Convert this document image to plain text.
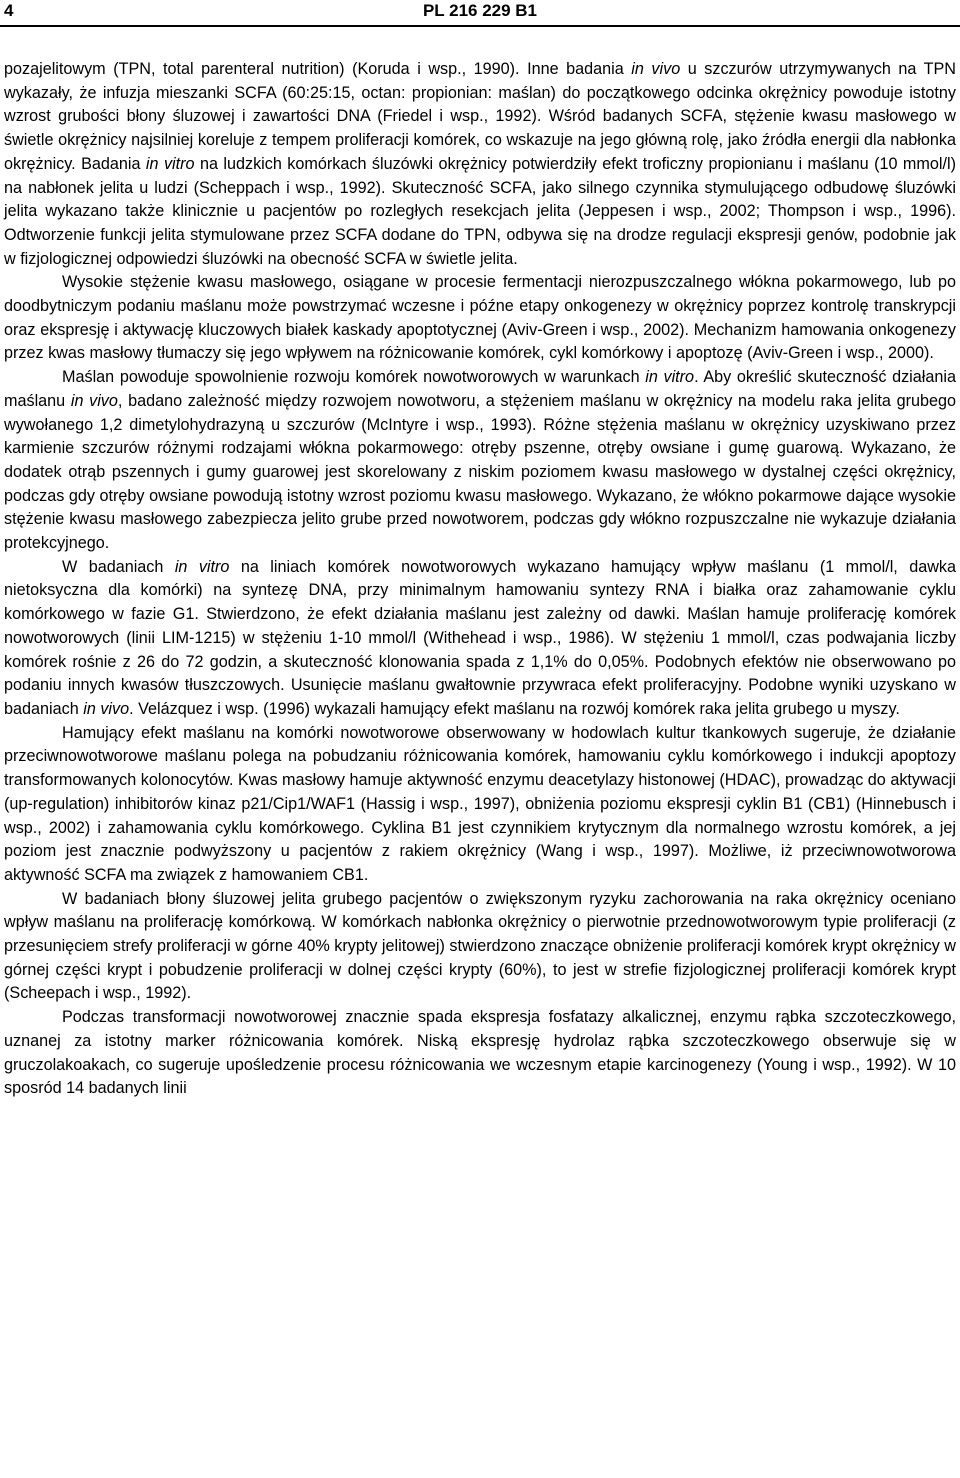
4	PL 216 229 B1

pozajelitowym (TPN, total parenteral nutrition) (Koruda i wsp., 1990). Inne badania in vivo u szczurów utrzymywanych na TPN wykazały, że infuzja mieszanki SCFA (60:25:15, octan: propionian: maślan) do początkowego odcinka okrężnicy powoduje istotny wzrost grubości błony śluzowej i zawartości DNA (Friedel i wsp., 1992). Wśród badanych SCFA, stężenie kwasu masłowego w świetle okrężnicy najsilniej koreluje z tempem proliferacji komórek, co wskazuje na jego główną rolę, jako źródła energii dla nabłonka okrężnicy. Badania in vitro na ludzkich komórkach śluzówki okrężnicy potwierdziły efekt troficzny propionianu i maślanu (10 mmol/l) na nabłonek jelita u ludzi (Scheppach i wsp., 1992). Skuteczność SCFA, jako silnego czynnika stymulującego odbudowę śluzówki jelita wykazano także klinicznie u pacjentów po rozległych resekcjach jelita (Jeppesen i wsp., 2002; Thompson i wsp., 1996). Odtworzenie funkcji jelita stymulowane przez SCFA dodane do TPN, odbywa się na drodze regulacji ekspresji genów, podobnie jak w fizjologicznej odpowiedzi śluzówki na obecność SCFA w świetle jelita.

Wysokie stężenie kwasu masłowego, osiągane w procesie fermentacji nierozpuszczalnego włókna pokarmowego, lub po doodbytniczym podaniu maślanu może powstrzymać wczesne i późne etapy onkogenezy w okrężnicy poprzez kontrolę transkrypcji oraz ekspresję i aktywację kluczowych białek kaskady apoptotycznej (Aviv-Green i wsp., 2002). Mechanizm hamowania onkogenezy przez kwas masłowy tłumaczy się jego wpływem na różnicowanie komórek, cykl komórkowy i apoptozę (Aviv-Green i wsp., 2000).

Maślan powoduje spowolnienie rozwoju komórek nowotworowych w warunkach in vitro. Aby określić skuteczność działania maślanu in vivo, badano zależność między rozwojem nowotworu, a stężeniem maślanu w okrężnicy na modelu raka jelita grubego wywołanego 1,2 dimetylohydrazyną u szczurów (McIntyre i wsp., 1993). Różne stężenia maślanu w okrężnicy uzyskiwano przez karmienie szczurów różnymi rodzajami włókna pokarmowego: otręby pszenne, otręby owsiane i gumę guarową. Wykazano, że dodatek otrąb pszennych i gumy guarowej jest skorelowany z niskim poziomem kwasu masłowego w dystalnej części okrężnicy, podczas gdy otręby owsiane powodują istotny wzrost poziomu kwasu masłowego. Wykazano, że włókno pokarmowe dające wysokie stężenie kwasu masłowego zabezpiecza jelito grube przed nowotworem, podczas gdy włókno rozpuszczalne nie wykazuje działania protekcyjnego.

W badaniach in vitro na liniach komórek nowotworowych wykazano hamujący wpływ maślanu (1 mmol/l, dawka nietoksyczna dla komórki) na syntezę DNA, przy minimalnym hamowaniu syntezy RNA i białka oraz zahamowanie cyklu komórkowego w fazie G1. Stwierdzono, że efekt działania maślanu jest zależny od dawki. Maślan hamuje proliferację komórek nowotworowych (linii LIM-1215) w stężeniu 1-10 mmol/l (Withehead i wsp., 1986). W stężeniu 1 mmol/l, czas podwajania liczby komórek rośnie z 26 do 72 godzin, a skuteczność klonowania spada z 1,1% do 0,05%. Podobnych efektów nie obserwowano po podaniu innych kwasów tłuszczowych. Usunięcie maślanu gwałtownie przywraca efekt proliferacyjny. Podobne wyniki uzyskano w badaniach in vivo. Velázquez i wsp. (1996) wykazali hamujący efekt maślanu na rozwój komórek raka jelita grubego u myszy.

Hamujący efekt maślanu na komórki nowotworowe obserwowany w hodowlach kultur tkankowych sugeruje, że działanie przeciwnowotworowe maślanu polega na pobudzaniu różnicowania komórek, hamowaniu cyklu komórkowego i indukcji apoptozy transformowanych kolonocytów. Kwas masłowy hamuje aktywność enzymu deacetylazy histonowej (HDAC), prowadząc do aktywacji (up-regulation) inhibitorów kinaz p21/Cip1/WAF1 (Hassig i wsp., 1997), obniżenia poziomu ekspresji cyklin B1 (CB1) (Hinnebusch i wsp., 2002) i zahamowania cyklu komórkowego. Cyklina B1 jest czynnikiem krytycznym dla normalnego wzrostu komórek, a jej poziom jest znacznie podwyższony u pacjentów z rakiem okrężnicy (Wang i wsp., 1997). Możliwe, iż przeciwnowotworowa aktywność SCFA ma związek z hamowaniem CB1.

W badaniach błony śluzowej jelita grubego pacjentów o zwiększonym ryzyku zachorowania na raka okrężnicy oceniano wpływ maślanu na proliferację komórkową. W komórkach nabłonka okrężnicy o pierwotnie przednowotworowym typie proliferacji (z przesunięciem strefy proliferacji w górne 40% krypty jelitowej) stwierdzono znaczące obniżenie proliferacji komórek krypt okrężnicy w górnej części krypt i pobudzenie proliferacji w dolnej części krypty (60%), to jest w strefie fizjologicznej proliferacji komórek krypt (Scheepach i wsp., 1992).

Podczas transformacji nowotworowej znacznie spada ekspresja fosfatazy alkalicznej, enzymu rąbka szczoteczkowego, uznanej za istotny marker różnicowania komórek. Niską ekspresję hydrolaz rąbka szczoteczkowego obserwuje się w gruczolakoakach, co sugeruje upośledzenie procesu różnicowania we wczesnym etapie karcinogenezy (Young i wsp., 1992). W 10 sposród 14 badanych linii
